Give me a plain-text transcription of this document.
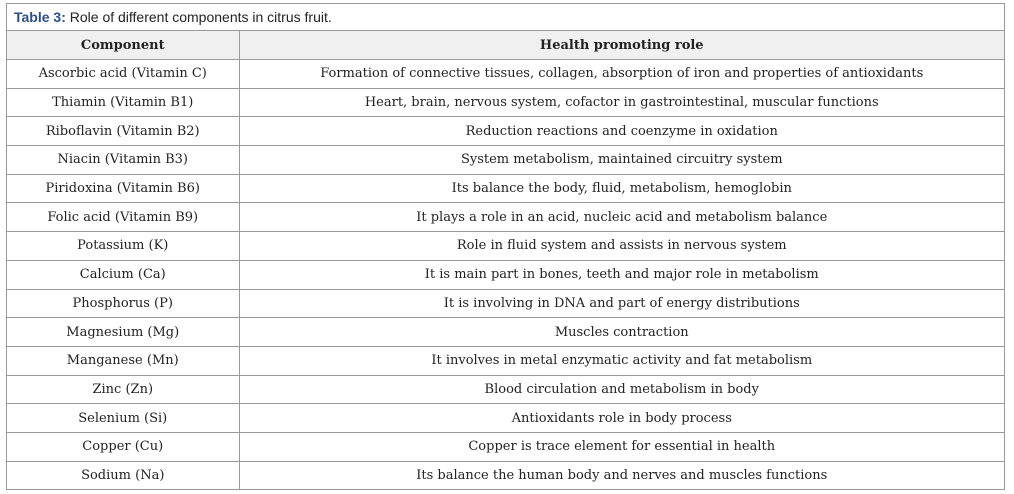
Table 3: Role of different components in citrus fruit.
Component	Health promoting role
Ascorbic acid (Vitamin C)	Formation of connective tissues, collagen, absorption of iron and properties of antioxidants
Thiamin (Vitamin B1)	Heart, brain, nervous system, cofactor in gastrointestinal, muscular functions
Riboflavin (Vitamin B2)	Reduction reactions and coenzyme in oxidation
Niacin (Vitamin B3)	System metabolism, maintained circuitry system
Piridoxina (Vitamin B6)	Its balance the body, fluid, metabolism, hemoglobin
Folic acid (Vitamin B9)	It plays a role in an acid, nucleic acid and metabolism balance
Potassium (K)	Role in fluid system and assists in nervous system
Calcium (Ca)	It is main part in bones, teeth and major role in metabolism
Phosphorus (P)	It is involving in DNA and part of energy distributions
Magnesium (Mg)	Muscles contraction
Manganese (Mn)	It involves in metal enzymatic activity and fat metabolism
Zinc (Zn)	Blood circulation and metabolism in body
Selenium (Si)	Antioxidants role in body process
Copper (Cu)	Copper is trace element for essential in health
Sodium (Na)	Its balance the human body and nerves and muscles functions
